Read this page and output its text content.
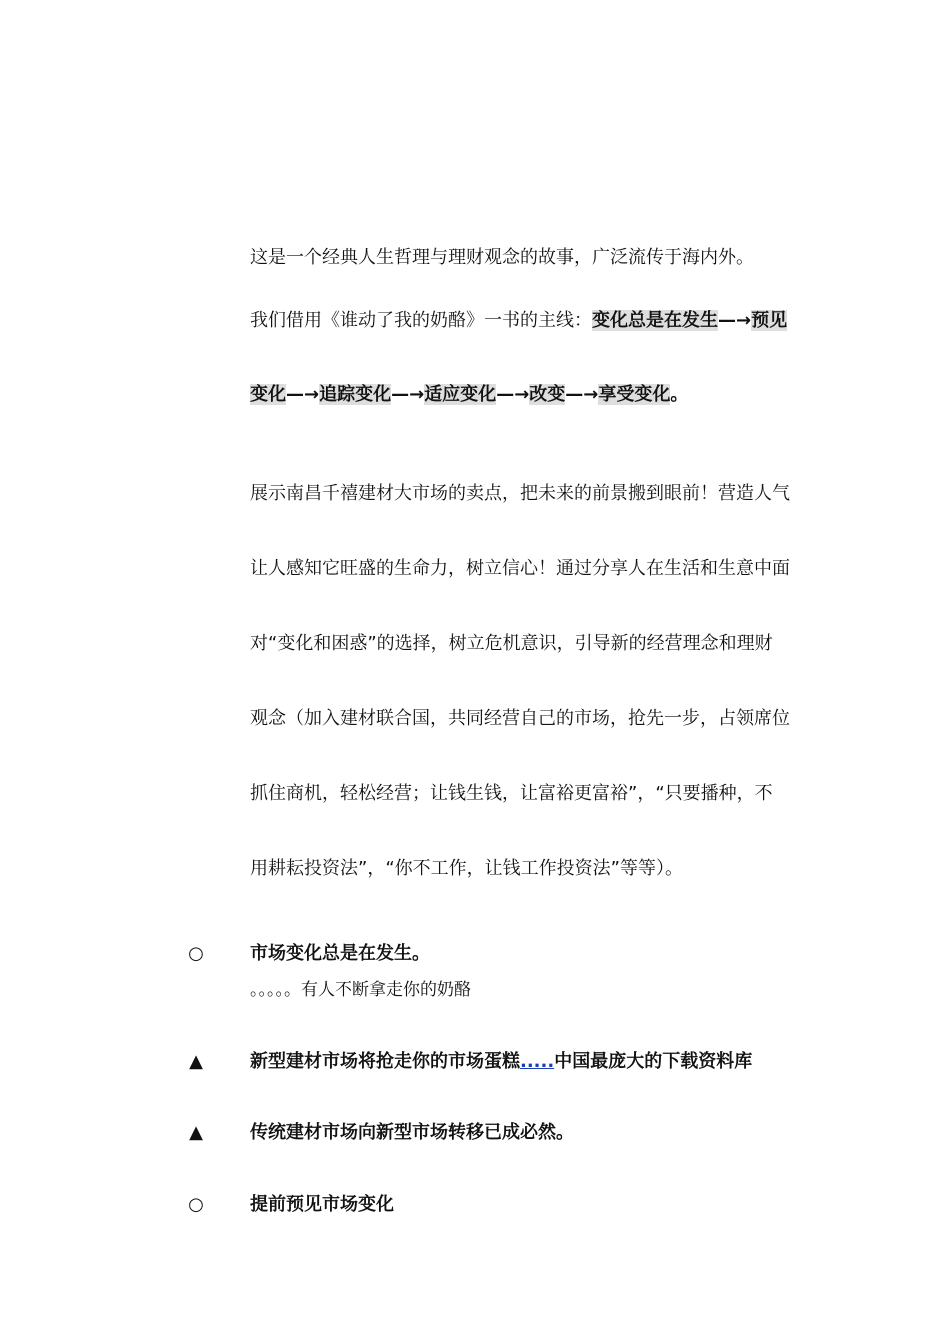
这是一个经典人生哲理与理财观念的故事，广泛流传于海内外。
我们借用《谁动了我的奶酪》一书的主线：变化总是在发生—→预见
变化—→追踪变化—→适应变化—→改变—→享受变化。
展示南昌千禧建材大市场的卖点，把未来的前景搬到眼前！营造人气
让人感知它旺盛的生命力，树立信心！通过分享人在生活和生意中面
对“变化和困惑”的选择，树立危机意识，引导新的经营理念和理财
观念（加入建材联合国，共同经营自己的市场，抢先一步，占领席位
抓住商机，轻松经营；让钱生钱，让富裕更富裕”，“只要播种，不
用耕耘投资法”，“你不工作，让钱工作投资法”等等）。
○	市场变化总是在发生。
。。。。。有人不断拿走你的奶酪
▲	新型建材市场将抢走你的市场蛋糕.....中国最庞大的下载资料库
▲	传统建材市场向新型市场转移已成必然。
○	提前预见市场变化
